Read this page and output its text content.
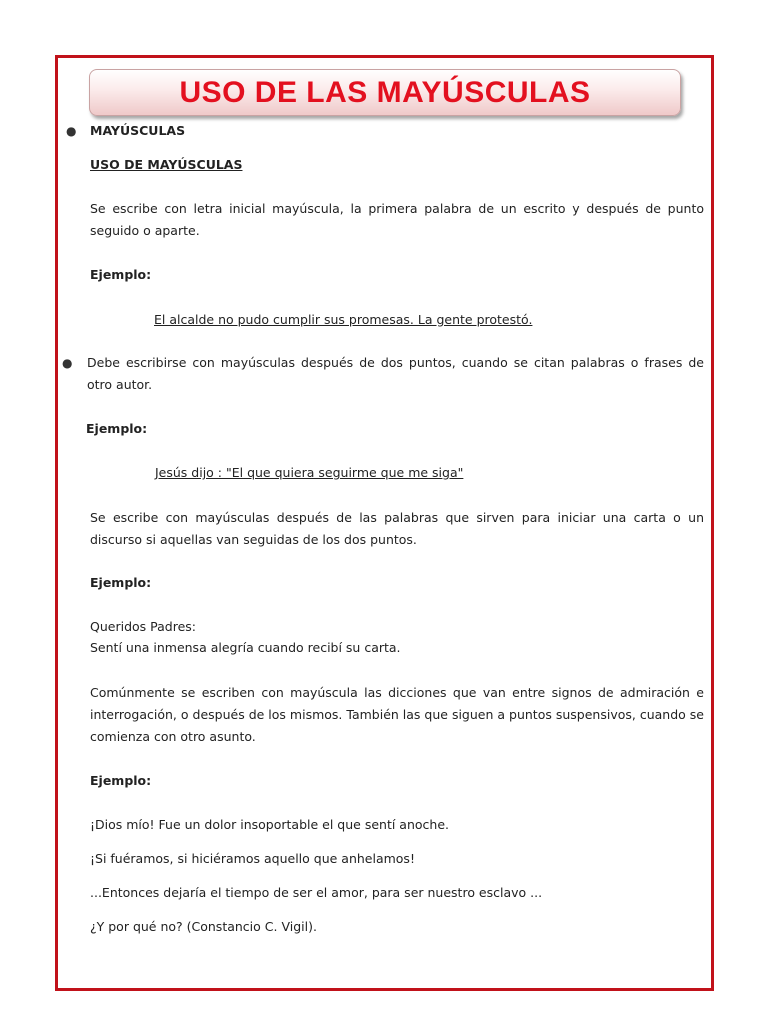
USO DE LAS MAYÚSCULAS
● MAYÚSCULAS
USO DE MAYÚSCULAS
Se escribe con letra inicial mayúscula, la primera palabra de un escrito y después de punto seguido o aparte.
Ejemplo:
El alcalde no pudo cumplir sus promesas. La gente protestó.
● Debe escribirse con mayúsculas después de dos puntos, cuando se citan palabras o frases de otro autor.
Ejemplo:
Jesús dijo : "El que quiera seguirme que me siga"
Se escribe con mayúsculas después de las palabras que sirven para iniciar una carta o un discurso si aquellas van seguidas de los dos puntos.
Ejemplo:
Queridos Padres:
Sentí una inmensa alegría cuando recibí su carta.
Comúnmente se escriben con mayúscula las dicciones que van entre signos de admiración e interrogación, o después de los mismos. También las que siguen a puntos suspensivos, cuando se comienza con otro asunto.
Ejemplo:
¡Dios mío! Fue un dolor insoportable el que sentí anoche.
¡Si fuéramos, si hiciéramos aquello que anhelamos!
...Entonces dejaría el tiempo de ser el amor, para ser nuestro esclavo ...
¿Y por qué no? (Constancio C. Vigil).
